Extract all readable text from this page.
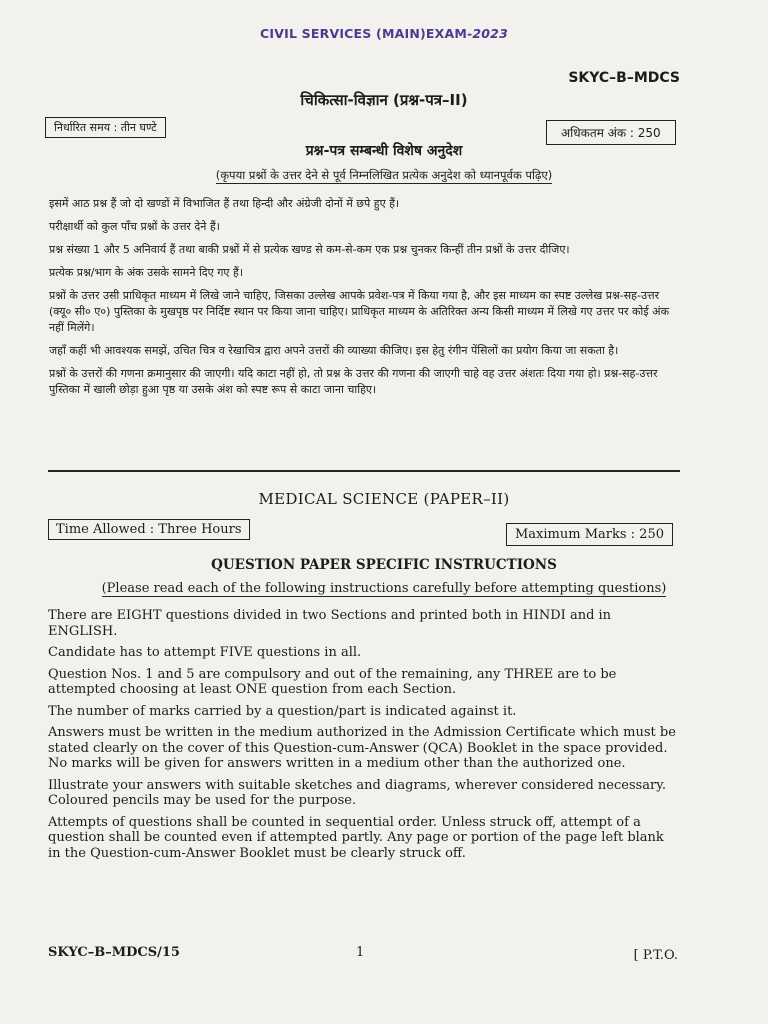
CIVIL SERVICES (MAIN)EXAM-2023
SKYC–B–MDCS
चिकित्सा-विज्ञान (प्रश्न-पत्र–II)
निर्धारित समय : तीन घण्टे	अधिकतम अंक : 250
प्रश्न-पत्र सम्बन्धी विशेष अनुदेश
(कृपया प्रश्नों के उत्तर देने से पूर्व निम्नलिखित प्रत्येक अनुदेश को ध्यानपूर्वक पढ़िए)

इसमें आठ प्रश्न हैं जो दो खण्डों में विभाजित हैं तथा हिन्दी और अंग्रेजी दोनों में छपे हुए हैं।

परीक्षार्थी को कुल पाँच प्रश्नों के उत्तर देने हैं।

प्रश्न संख्या 1 और 5 अनिवार्य हैं तथा बाकी प्रश्नों में से प्रत्येक खण्ड से कम-से-कम एक प्रश्न चुनकर किन्हीं तीन प्रश्नों के उत्तर दीजिए।

प्रत्येक प्रश्न/भाग के अंक उसके सामने दिए गए हैं।

प्रश्नों के उत्तर उसी प्राधिकृत माध्यम में लिखे जाने चाहिए, जिसका उल्लेख आपके प्रवेश-पत्र में किया गया है, और इस माध्यम का स्पष्ट उल्लेख प्रश्न-सह-उत्तर (क्यू० सी० ए०) पुस्तिका के मुखपृष्ठ पर निर्दिष्ट स्थान पर किया जाना चाहिए। प्राधिकृत माध्यम के अतिरिक्त अन्य किसी माध्यम में लिखे गए उत्तर पर कोई अंक नहीं मिलेंगे।

जहाँ कहीं भी आवश्यक समझें, उचित चित्र व रेखाचित्र द्वारा अपने उत्तरों की व्याख्या कीजिए। इस हेतु रंगीन पेंसिलों का प्रयोग किया जा सकता है।

प्रश्नों के उत्तरों की गणना क्रमानुसार की जाएगी। यदि काटा नहीं हो, तो प्रश्न के उत्तर की गणना की जाएगी चाहे वह उत्तर अंशतः दिया गया हो। प्रश्न-सह-उत्तर पुस्तिका में खाली छोड़ा हुआ पृष्ठ या उसके अंश को स्पष्ट रूप से काटा जाना चाहिए।

MEDICAL SCIENCE (PAPER–II)
Time Allowed : Three Hours	Maximum Marks : 250
QUESTION PAPER SPECIFIC INSTRUCTIONS
(Please read each of the following instructions carefully before attempting questions)

There are EIGHT questions divided in two Sections and printed both in HINDI and in ENGLISH.

Candidate has to attempt FIVE questions in all.

Question Nos. 1 and 5 are compulsory and out of the remaining, any THREE are to be attempted choosing at least ONE question from each Section.

The number of marks carried by a question/part is indicated against it.

Answers must be written in the medium authorized in the Admission Certificate which must be stated clearly on the cover of this Question-cum-Answer (QCA) Booklet in the space provided. No marks will be given for answers written in a medium other than the authorized one.

Illustrate your answers with suitable sketches and diagrams, wherever considered necessary. Coloured pencils may be used for the purpose.

Attempts of questions shall be counted in sequential order. Unless struck off, attempt of a question shall be counted even if attempted partly. Any page or portion of the page left blank in the Question-cum-Answer Booklet must be clearly struck off.

SKYC–B–MDCS/15	1	[ P.T.O.
